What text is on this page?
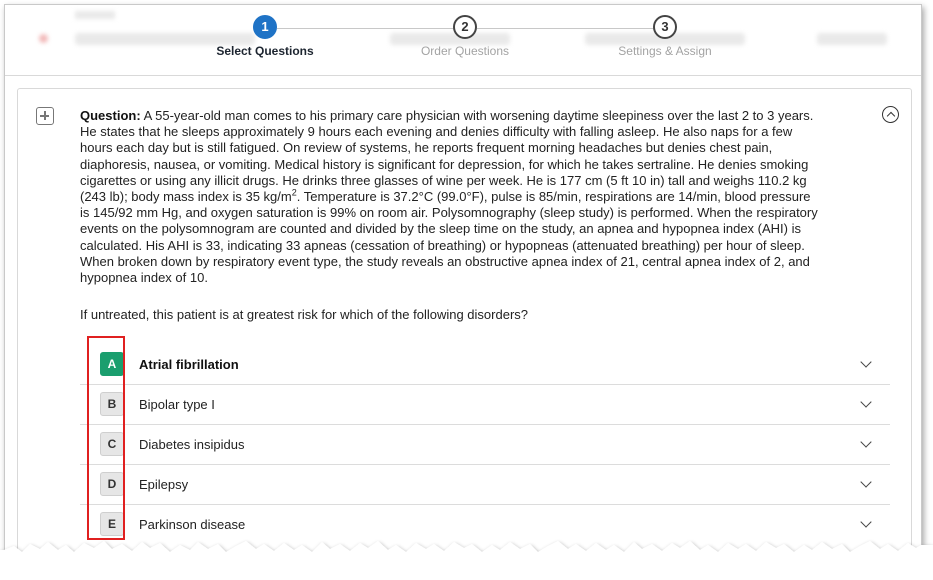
1
Select Questions
2
Order Questions
3
Settings & Assign
Question: A 55-year-old man comes to his primary care physician with worsening daytime sleepiness over the last 2 to 3 years. He states that he sleeps approximately 9 hours each evening and denies difficulty with falling asleep. He also naps for a few hours each day but is still fatigued. On review of systems, he reports frequent morning headaches but denies chest pain, diaphoresis, nausea, or vomiting. Medical history is significant for depression, for which he takes sertraline. He denies smoking cigarettes or using any illicit drugs. He drinks three glasses of wine per week. He is 177 cm (5 ft 10 in) tall and weighs 110.2 kg (243 lb); body mass index is 35 $kg/m^2$. Temperature is 37.2°C (99.0°F), pulse is 85/min, respirations are 14/min, blood pressure is 145/92 mm Hg, and oxygen saturation is 99% on room air. Polysomnography (sleep study) is performed. When the respiratory events on the polysomnogram are counted and divided by the sleep time on the study, an apnea and hypopnea index (AHI) is calculated. His AHI is 33, indicating 33 apneas (cessation of breathing) or hypopneas (attenuated breathing) per hour of sleep. When broken down by respiratory event type, the study reveals an obstructive apnea index of 21, central apnea index of 2, and hypopnea index of 10.
If untreated, this patient is at greatest risk for which of the following disorders?
A	Atrial fibrillation
B	Bipolar type I
C	Diabetes insipidus
D	Epilepsy
E	Parkinson disease
